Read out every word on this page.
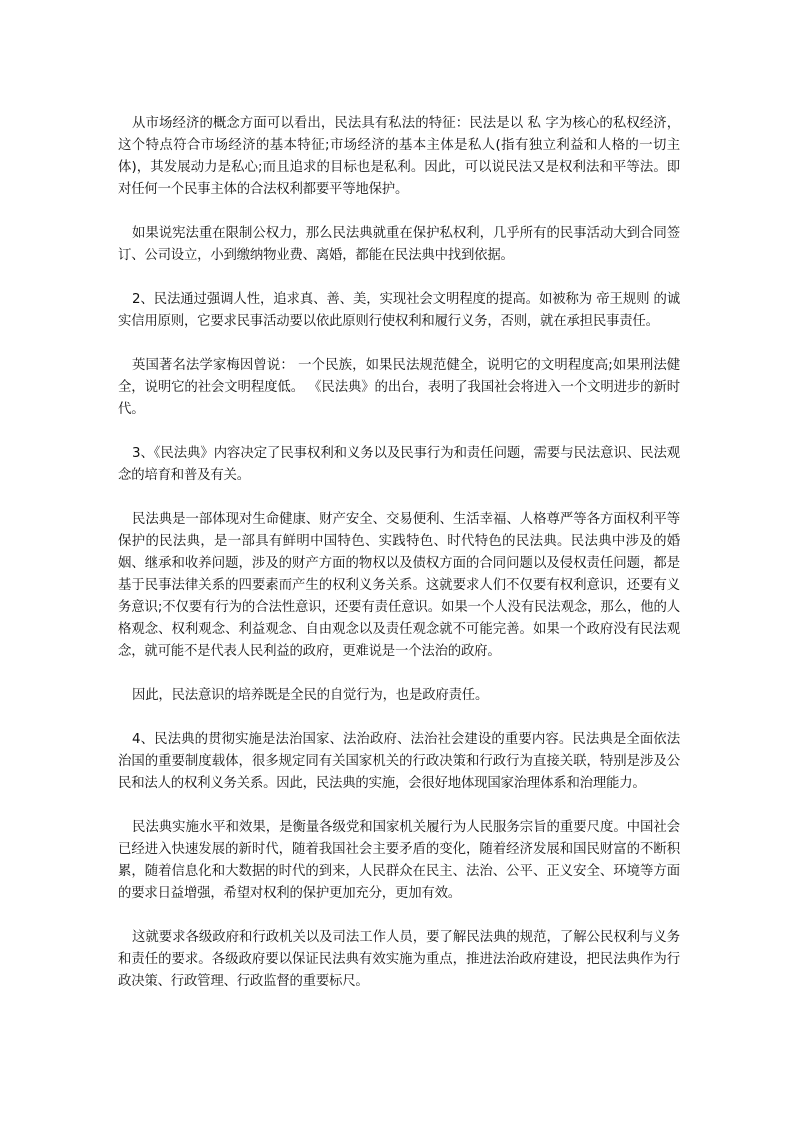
从市场经济的概念方面可以看出，民法具有私法的特征：民法是以 私 字为核心的私权经济，这个特点符合市场经济的基本特征;市场经济的基本主体是私人(指有独立利益和人格的一切主体)，其发展动力是私心;而且追求的目标也是私利。因此，可以说民法又是权利法和平等法。即对任何一个民事主体的合法权利都要平等地保护。

如果说宪法重在限制公权力，那么民法典就重在保护私权利，几乎所有的民事活动大到合同签订、公司设立，小到缴纳物业费、离婚，都能在民法典中找到依据。

2、民法通过强调人性，追求真、善、美，实现社会文明程度的提高。如被称为 帝王规则 的诚实信用原则，它要求民事活动要以依此原则行使权利和履行义务，否则，就在承担民事责任。

英国著名法学家梅因曾说： 一个民族，如果民法规范健全，说明它的文明程度高;如果刑法健全，说明它的社会文明程度低。 《民法典》的出台，表明了我国社会将进入一个文明进步的新时代。

3、《民法典》内容决定了民事权利和义务以及民事行为和责任问题，需要与民法意识、民法观念的培育和普及有关。

民法典是一部体现对生命健康、财产安全、交易便利、生活幸福、人格尊严等各方面权利平等保护的民法典，是一部具有鲜明中国特色、实践特色、时代特色的民法典。民法典中涉及的婚姻、继承和收养问题，涉及的财产方面的物权以及债权方面的合同问题以及侵权责任问题，都是基于民事法律关系的四要素而产生的权利义务关系。这就要求人们不仅要有权利意识，还要有义务意识;不仅要有行为的合法性意识，还要有责任意识。如果一个人没有民法观念，那么，他的人格观念、权利观念、利益观念、自由观念以及责任观念就不可能完善。如果一个政府没有民法观念，就可能不是代表人民利益的政府，更难说是一个法治的政府。

因此，民法意识的培养既是全民的自觉行为，也是政府责任。

4、民法典的贯彻实施是法治国家、法治政府、法治社会建设的重要内容。民法典是全面依法治国的重要制度载体，很多规定同有关国家机关的行政决策和行政行为直接关联，特别是涉及公民和法人的权利义务关系。因此，民法典的实施，会很好地体现国家治理体系和治理能力。

民法典实施水平和效果，是衡量各级党和国家机关履行为人民服务宗旨的重要尺度。中国社会已经进入快速发展的新时代，随着我国社会主要矛盾的变化，随着经济发展和国民财富的不断积累，随着信息化和大数据的时代的到来，人民群众在民主、法治、公平、正义安全、环境等方面的要求日益增强，希望对权利的保护更加充分，更加有效。

这就要求各级政府和行政机关以及司法工作人员，要了解民法典的规范，了解公民权利与义务和责任的要求。各级政府要以保证民法典有效实施为重点，推进法治政府建设，把民法典作为行政决策、行政管理、行政监督的重要标尺。
